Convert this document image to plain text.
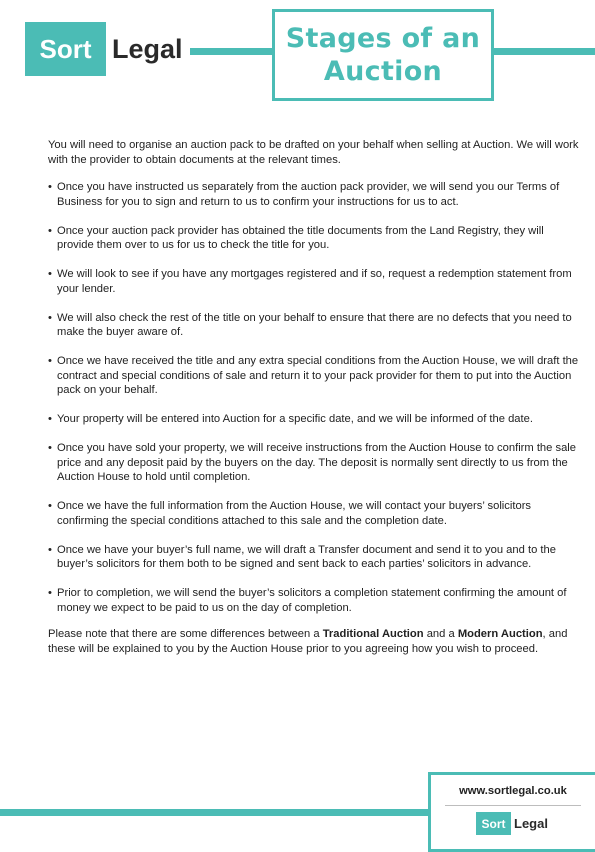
Sort Legal	Stages of an
Auction

You will need to organise an auction pack to be drafted on your behalf when selling at Auction. We will work with the provider to obtain documents at the relevant times.

• Once you have instructed us separately from the auction pack provider, we will send you our Terms of Business for you to sign and return to us to confirm your instructions for us to act.
• Once your auction pack provider has obtained the title documents from the Land Registry, they will provide them over to us for us to check the title for you.
• We will look to see if you have any mortgages registered and if so, request a redemption statement from your lender.
• We will also check the rest of the title on your behalf to ensure that there are no defects that you need to make the buyer aware of.
• Once we have received the title and any extra special conditions from the Auction House, we will draft the contract and special conditions of sale and return it to your pack provider for them to put into the Auction pack on your behalf.
• Your property will be entered into Auction for a specific date, and we will be informed of the date.
• Once you have sold your property, we will receive instructions from the Auction House to confirm the sale price and any deposit paid by the buyers on the day. The deposit is normally sent directly to us from the Auction House to hold until completion.
• Once we have the full information from the Auction House, we will contact your buyers’ solicitors confirming the special conditions attached to this sale and the completion date.
• Once we have your buyer’s full name, we will draft a Transfer document and send it to you and to the buyer’s solicitors for them both to be signed and sent back to each parties’ solicitors in advance.
• Prior to completion, we will send the buyer’s solicitors a completion statement confirming the amount of money we expect to be paid to us on the day of completion.

Please note that there are some differences between a Traditional Auction and a Modern Auction, and these will be explained to you by the Auction House prior to you agreeing how you wish to proceed.

www.sortlegal.co.uk
Sort Legal
